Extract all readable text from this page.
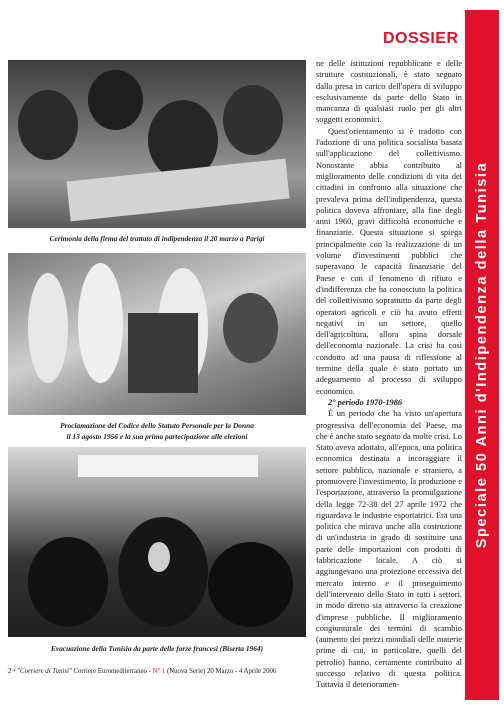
DOSSIER
Speciale 50 Anni d'Indipendenza della Tunisia
Cerimonia della firma del trattato di indipendenza il 20 marzo a Parigi
Proclamazione del Codice dello Statuto Personale per la Donna
il 13 agosto 1956 e la sua prima partecipazione alle elezioni
Evacuazione della Tunisia da parte delle forze francesi (Biserta 1964)

ne delle istituzioni repubblicane e delle strutture costituzionali, è stato segnato dalla presa in carico dell'opera di sviluppo esclusivamente da parte dello Stato in mancanza di qualsiasi ruolo per gli altri soggetti economici.

Quest'orientamento si è tradotto con l'adozione di una politica socialista basata sull'applicazione del collettivismo. Nonostante abbia contribuito al miglioramento delle condizioni di vita dei cittadini in confronto alla situazione che prevaleva prima dell'indipendenza, questa politica doveva affrontare, alla fine degli anni 1960, gravi difficoltà economiche e finanziarie. Questa situazione si spiega principalmente con la realizzazione di un volume d'investimenti pubblici che superavano le capacità finanziarie del Paese e con il fenomeno di rifiuto e d'indifferenza che ha conosciuto la politica del collettivismo soprattutto da parte degli operatori agricoli e ciò ha avuto effetti negativi in un settore, quello dell'agricoltura, allora spina dorsale dell'economia nazionale. La crisi ha così condotto ad una pausa di riflessione al termine della quale è stato portato un adeguamento al processo di sviluppo economico.

2° periodo 1970-1986

È un periodo che ha visto un'apertura progressiva dell'economia del Paese, ma che è anche stato segnato da molte crisi. Lo Stato aveva adottato, all'epoca, una politica economica destinata a incoraggiare il settore pubblico, nazionale e straniero, a promuovere l'investimento, la produzione e l'esportazione, attraverso la promulgazione della legge 72-38 del 27 aprile 1972 che riguardava le industrie esportatrici. Era una politica che mirava anche alla costruzione di un'industria in grado di sostituire una parte delle importazioni con prodotti di fabbricazione locale. A ciò si aggiungevano una protezione eccessiva del mercato interno e il proseguimento dell'intervento dello Stato in tutti i settori, in modo diretto sia attraverso la creazione d'imprese pubbliche. Il miglioramento congiunturale dei termini di scambio (aumento dei prezzi mondiali delle materie prime di cui, in particolare, quelli del petrolio) hanno, certamente contribuito al successo relativo di questa politica. Tuttavia il deterioramen-

2 • "Corriere di Tunisi" Corriere Euromediterraneo - N° 1 (Nuova Serie) 20 Marzo - 4 Aprile 2006
